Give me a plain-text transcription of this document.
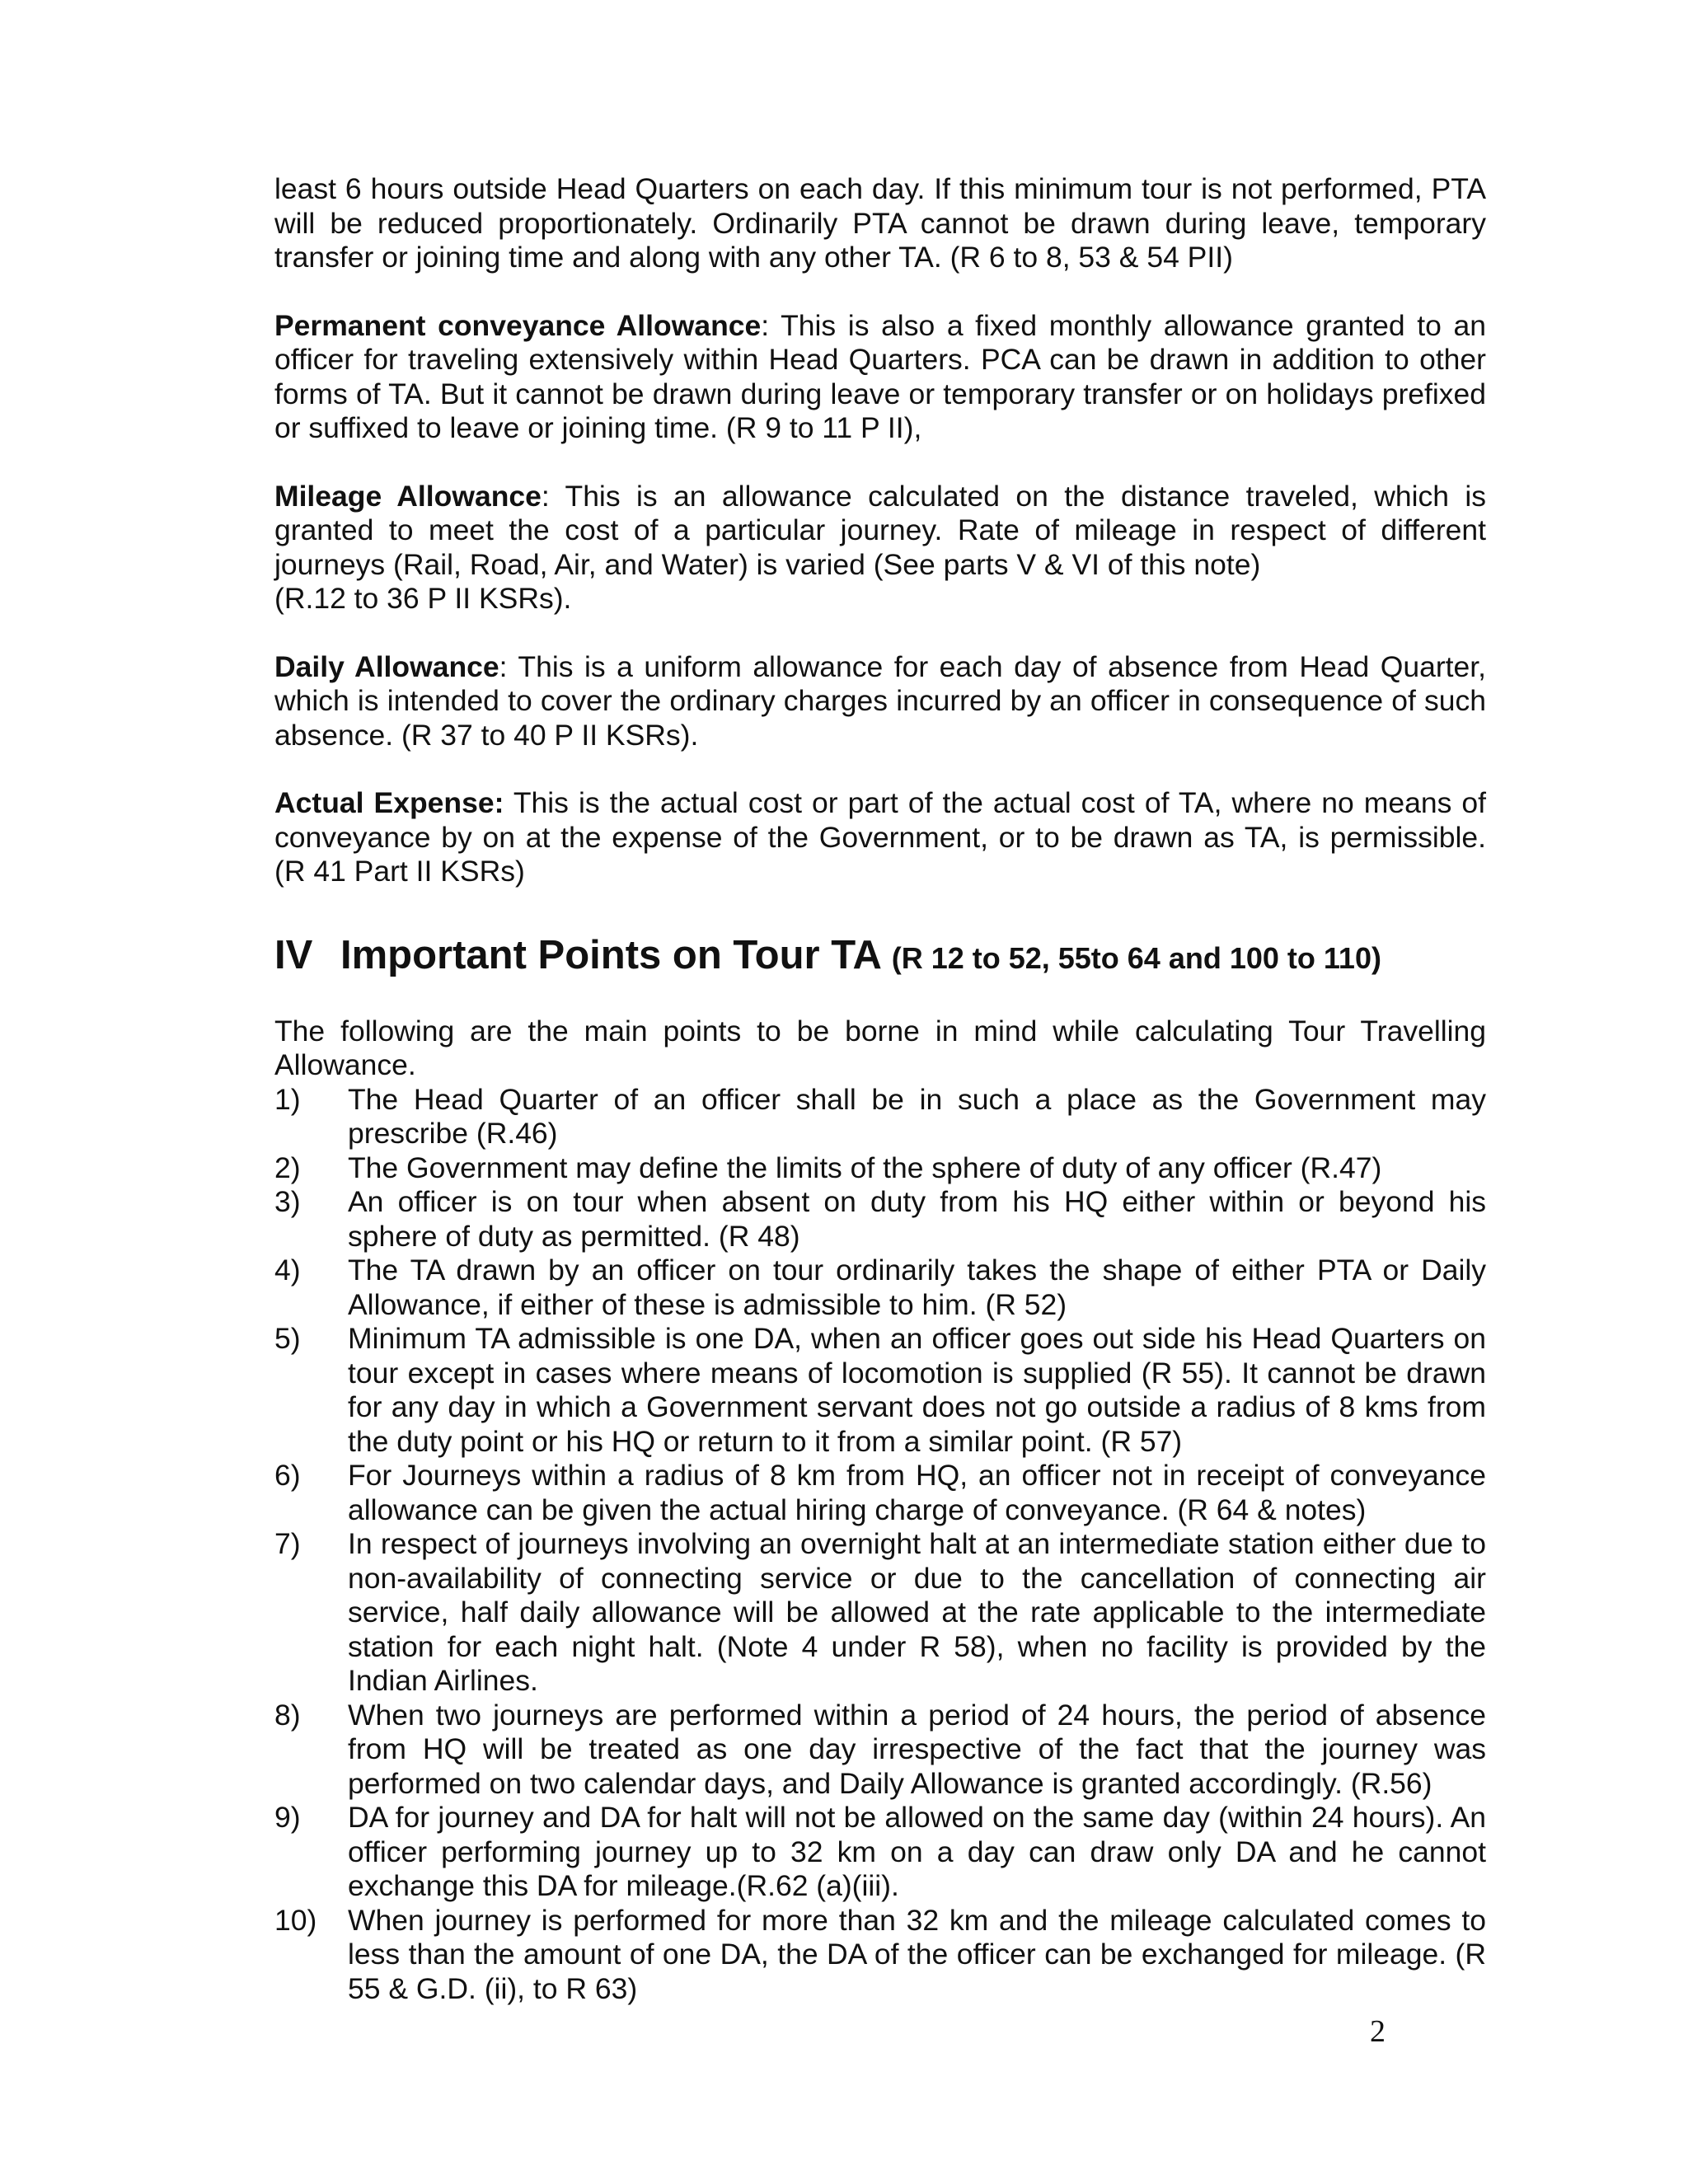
least 6 hours outside Head Quarters on each day. If this minimum tour is not performed, PTA will be reduced proportionately. Ordinarily PTA cannot be drawn during leave, temporary transfer or joining time and along with any other TA. (R 6 to 8, 53 & 54 PII)

Permanent conveyance Allowance: This is also a fixed monthly allowance granted to an officer for traveling extensively within Head Quarters. PCA can be drawn in addition to other forms of TA. But it cannot be drawn during leave or temporary transfer or on holidays prefixed or suffixed to leave or joining time. (R 9 to 11 P II),

Mileage Allowance: This is an allowance calculated on the distance traveled, which is granted to meet the cost of a particular journey. Rate of mileage in respect of different journeys (Rail, Road, Air, and Water) is varied (See parts V & VI of this note)
(R.12 to 36 P II KSRs).

Daily Allowance: This is a uniform allowance for each day of absence from Head Quarter, which is intended to cover the ordinary charges incurred by an officer in consequence of such absence. (R 37 to 40 P II KSRs).

Actual Expense: This is the actual cost or part of the actual cost of TA, where no means of conveyance by on at the expense of the Government, or to be drawn as TA, is permissible. (R 41 Part II KSRs)

IV Important Points on Tour TA (R 12 to 52, 55to 64 and 100 to 110)

The following are the main points to be borne in mind while calculating Tour Travelling Allowance.

1) The Head Quarter of an officer shall be in such a place as the Government may prescribe (R.46)
2) The Government may define the limits of the sphere of duty of any officer (R.47)
3) An officer is on tour when absent on duty from his HQ either within or beyond his sphere of duty as permitted. (R 48)
4) The TA drawn by an officer on tour ordinarily takes the shape of either PTA or Daily Allowance, if either of these is admissible to him. (R 52)
5) Minimum TA admissible is one DA, when an officer goes out side his Head Quarters on tour except in cases where means of locomotion is supplied (R 55). It cannot be drawn for any day in which a Government servant does not go outside a radius of 8 kms from the duty point or his HQ or return to it from a similar point. (R 57)
6) For Journeys within a radius of 8 km from HQ, an officer not in receipt of conveyance allowance can be given the actual hiring charge of conveyance. (R 64 & notes)
7) In respect of journeys involving an overnight halt at an intermediate station either due to non-availability of connecting service or due to the cancellation of connecting air service, half daily allowance will be allowed at the rate applicable to the intermediate station for each night halt. (Note 4 under R 58), when no facility is provided by the Indian Airlines.
8) When two journeys are performed within a period of 24 hours, the period of absence from HQ will be treated as one day irrespective of the fact that the journey was performed on two calendar days, and Daily Allowance is granted accordingly. (R.56)
9) DA for journey and DA for halt will not be allowed on the same day (within 24 hours). An officer performing journey up to 32 km on a day can draw only DA and he cannot exchange this DA for mileage.(R.62 (a)(iii).
10) When journey is performed for more than 32 km and the mileage calculated comes to less than the amount of one DA, the DA of the officer can be exchanged for mileage. (R 55 & G.D. (ii), to R 63)
2
